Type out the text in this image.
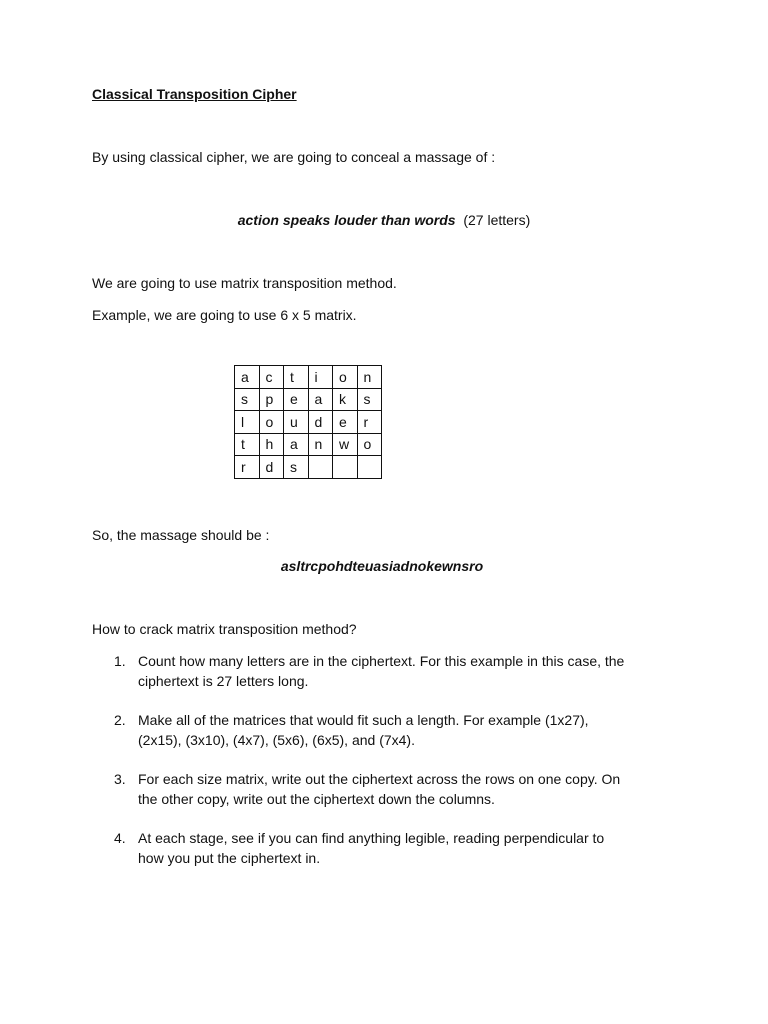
Classical Transposition Cipher
By using classical cipher, we are going to conceal a massage of :
action speaks louder than words (27 letters)
We are going to use matrix transposition method.
Example, we are going to use 6 x 5 matrix.
a	c	t	i	o	n
s	p	e	a	k	s
l	o	u	d	e	r
t	h	a	n	w	o
r	d	s			
So, the massage should be :
asltrcpohdteuasiadnokewnsro
How to crack matrix transposition method?
1. Count how many letters are in the ciphertext. For this example in this case, the
ciphertext is 27 letters long.
2. Make all of the matrices that would fit such a length. For example (1x27),
(2x15), (3x10), (4x7), (5x6), (6x5), and (7x4).
3. For each size matrix, write out the ciphertext across the rows on one copy. On
the other copy, write out the ciphertext down the columns.
4. At each stage, see if you can find anything legible, reading perpendicular to
how you put the ciphertext in.
